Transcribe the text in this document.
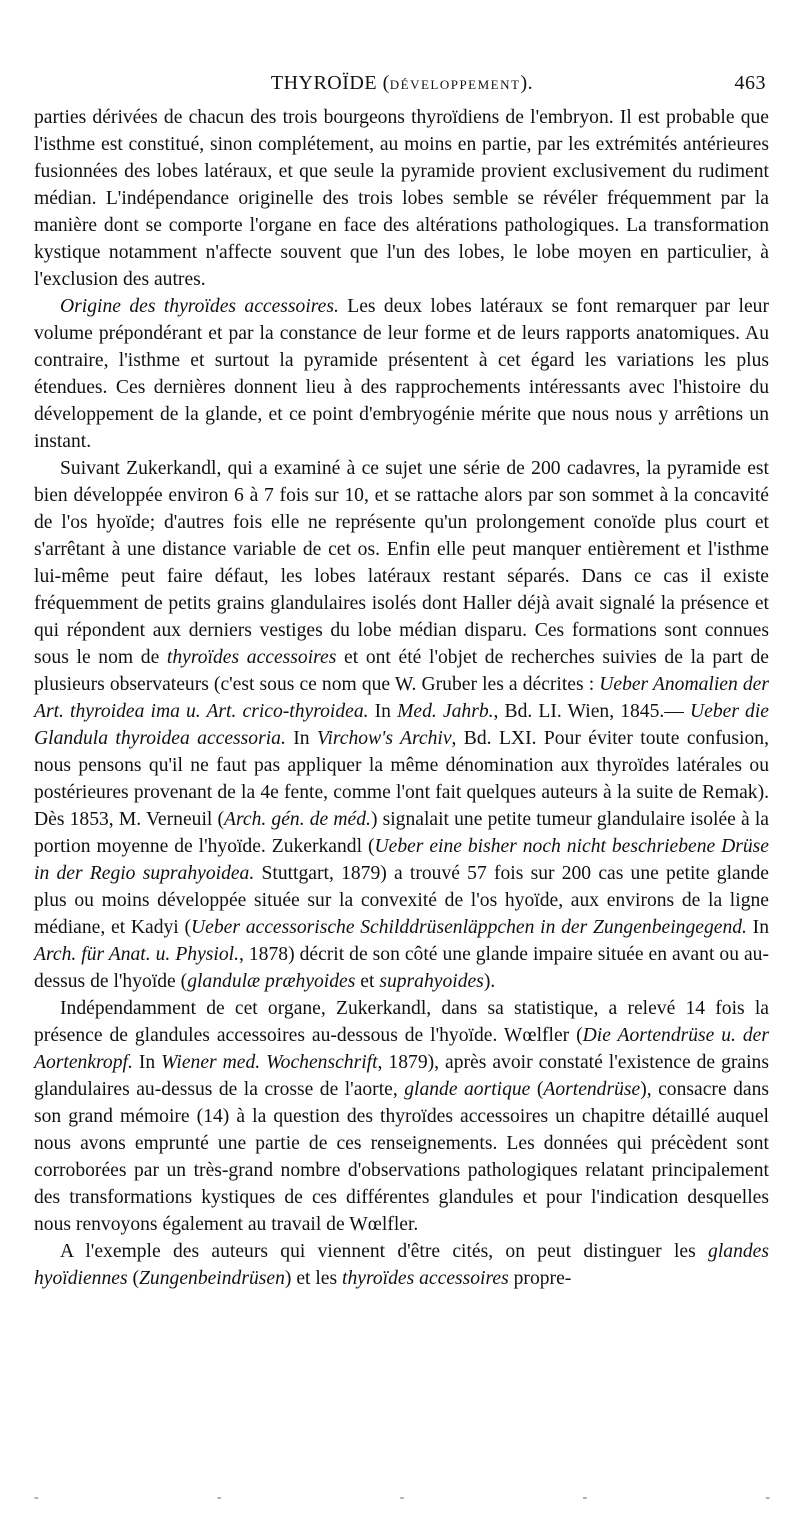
THYROÏDE (DÉVELOPPEMENT).	463

parties dérivées de chacun des trois bourgeons thyroïdiens de l'embryon. Il est probable que l'isthme est constitué, sinon complétement, au moins en partie, par les extrémités antérieures fusionnées des lobes latéraux, et que seule la pyramide provient exclusivement du rudiment médian. L'indépendance originelle des trois lobes semble se révéler fréquemment par la manière dont se comporte l'organe en face des altérations pathologiques. La transformation kystique notamment n'affecte souvent que l'un des lobes, le lobe moyen en particulier, à l'exclusion des autres.

Origine des thyroïdes accessoires. Les deux lobes latéraux se font remarquer par leur volume prépondérant et par la constance de leur forme et de leurs rapports anatomiques. Au contraire, l'isthme et surtout la pyramide présentent à cet égard les variations les plus étendues. Ces dernières donnent lieu à des rapprochements intéressants avec l'histoire du développement de la glande, et ce point d'embryogénie mérite que nous nous y arrêtions un instant.

Suivant Zukerkandl, qui a examiné à ce sujet une série de 200 cadavres, la pyramide est bien développée environ 6 à 7 fois sur 10, et se rattache alors par son sommet à la concavité de l'os hyoïde; d'autres fois elle ne représente qu'un prolongement conoïde plus court et s'arrêtant à une distance variable de cet os. Enfin elle peut manquer entièrement et l'isthme lui-même peut faire défaut, les lobes latéraux restant séparés. Dans ce cas il existe fréquemment de petits grains glandulaires isolés dont Haller déjà avait signalé la présence et qui répondent aux derniers vestiges du lobe médian disparu. Ces formations sont connues sous le nom de thyroïdes accessoires et ont été l'objet de recherches suivies de la part de plusieurs observateurs (c'est sous ce nom que W. Gruber les a décrites : Ueber Anomalien der Art. thyroidea ima u. Art. crico-thyroidea. In Med. Jahrb., Bd. LI. Wien, 1845.— Ueber die Glandula thyroidea accessoria. In Virchow's Archiv, Bd. LXI. Pour éviter toute confusion, nous pensons qu'il ne faut pas appliquer la même dénomination aux thyroïdes latérales ou postérieures provenant de la 4e fente, comme l'ont fait quelques auteurs à la suite de Remak). Dès 1853, M. Verneuil (Arch. gén. de méd.) signalait une petite tumeur glandulaire isolée à la portion moyenne de l'hyoïde. Zukerkandl (Ueber eine bisher noch nicht beschriebene Drüse in der Regio suprahyoidea. Stuttgart, 1879) a trouvé 57 fois sur 200 cas une petite glande plus ou moins développée située sur la convexité de l'os hyoïde, aux environs de la ligne médiane, et Kadyi (Ueber accessorische Schilddrüsenläppchen in der Zungenbeingegend. In Arch. für Anat. u. Physiol., 1878) décrit de son côté une glande impaire située en avant ou au-dessus de l'hyoïde (glandulæ præhyoides et suprahyoides).

Indépendamment de cet organe, Zukerkandl, dans sa statistique, a relevé 14 fois la présence de glandules accessoires au-dessous de l'hyoïde. Wœlfler (Die Aortendrüse u. der Aortenkropf. In Wiener med. Wochenschrift, 1879), après avoir constaté l'existence de grains glandulaires au-dessus de la crosse de l'aorte, glande aortique (Aortendrüse), consacre dans son grand mémoire (14) à la question des thyroïdes accessoires un chapitre détaillé auquel nous avons emprunté une partie de ces renseignements. Les données qui précèdent sont corroborées par un très-grand nombre d'observations pathologiques relatant principalement des transformations kystiques de ces différentes glandules et pour l'indication desquelles nous renvoyons également au travail de Wœlfler.

A l'exemple des auteurs qui viennent d'être cités, on peut distinguer les glandes hyoïdiennes (Zungenbeindrüsen) et les thyroïdes accessoires propre-

-	-	-	-	-
